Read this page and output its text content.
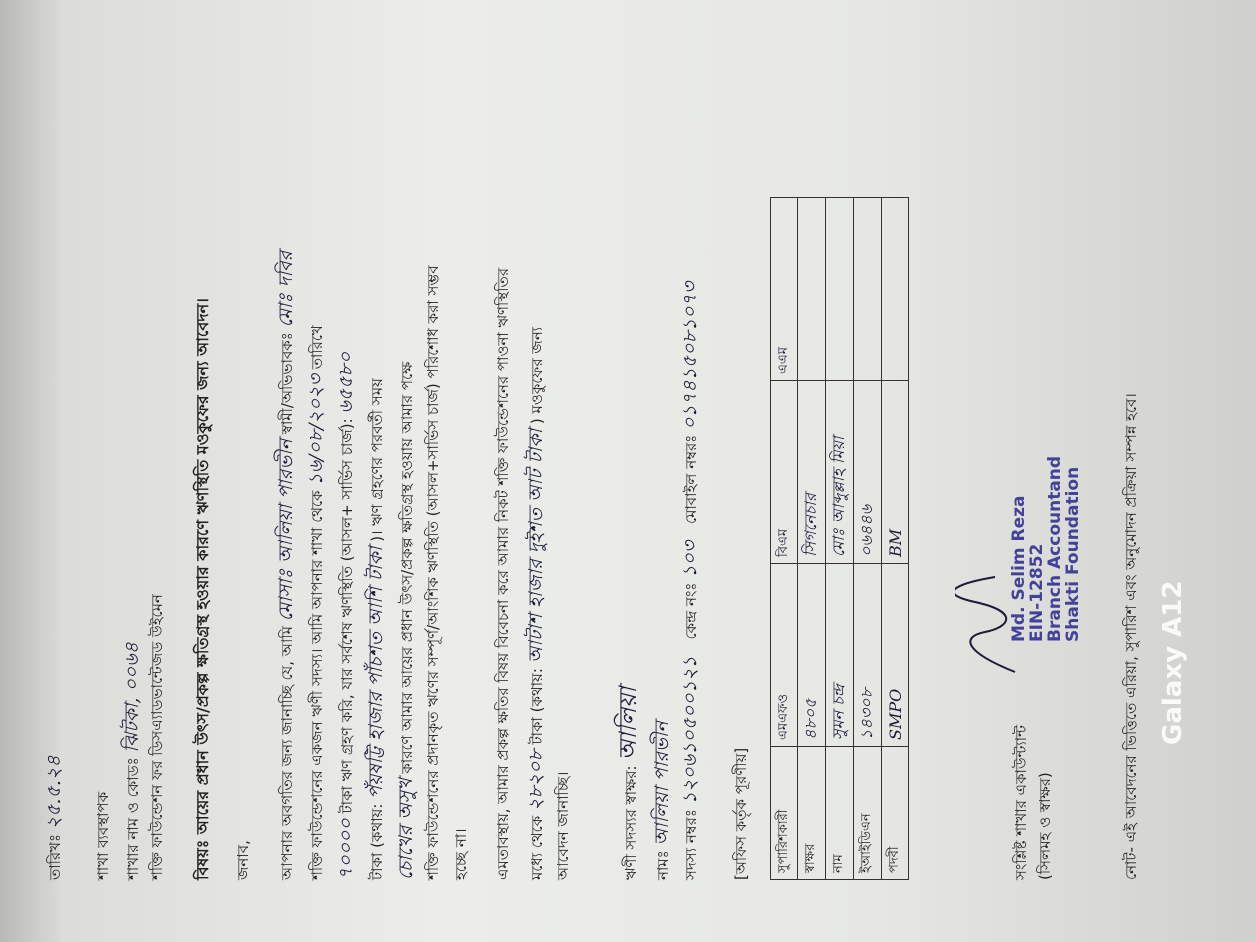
তারিখঃ ২৫.৫.২৪	শাখা ব্যবস্থাপক শাখার নাম ও কোডঃ ঝিটকা, ০০৬৪ শক্তি ফাউন্ডেশন ফর ডিসএ্যাডভান্টেজড উইমেন	বিষয়ঃ আয়ের প্রধান উৎস/প্রকল্প ক্ষতিগ্রস্থ হওয়ার কারণে ঋণস্থিতি মওকুফের জন্য আবেদন।
জনাব,	আপনার অবগতির জন্য জানাচ্ছি যে, আমি মোসাঃ আলিয়া পারভীন স্বামী/অভিভাবকঃ মোঃ দবির
শক্তি ফাউন্ডেশনের একজন ঋণী সদস্য। আমি আপনার শাখা থেকে ১৬/০৮/২০২৩ তারিখে
৭০০০০ টাকা ঋণ গ্রহণ করি, যার সর্বশেষ ঋণস্থিতি (আসল+ সার্ভিস চার্জ): ৬৫৫৮০
টাকা (কথায়: পঁয়ষট্টি হাজার পাঁচশত আশি টাকা )। ঋণ গ্রহণের পরবর্তী সময়
চোখের অসুখ কারণে আমার আয়ের প্রধান উৎস/প্রকল্প ক্ষতিগ্রস্থ হওয়ায় আমার পক্ষে শক্তি ফাউন্ডেশনের প্রদানকৃত ঋণের সম্পূর্ণ/আংশিক ঋণস্থিতি (আসল+সার্ভিস চার্জ) পরিশোধ করা সম্ভব হচ্ছে না।	এমতাবস্থায়, আমার প্রকল্প ক্ষতির বিষয় বিবেচনা করে আমার নিকট শক্তি ফাউন্ডেশনের পাওনা ঋণস্থিতির	মধ্যে থেকে ২৮২০৮ টাকা (কথায়: আটাশ হাজার দুইশত আট টাকা ) মওকুফের জন্য
আবেদন জানাচ্ছি।	ঋণী সদস্যর স্বাক্ষর: আলিয়া
নামঃ আলিয়া পারভীন সদস্য নম্বরঃ ১২০৬১০৫০০১২১ কেন্দ্র নংঃ ১০৩ মোবাইল নম্বরঃ ০১৭৪১৫০৮১০৭৩
[অফিস কর্তৃক পূরণীয়]	সুপারিশকারী	এমএফও	বিএম	এএম
স্বাক্ষর	৪৮০৫	সিগনেচার	
নাম	সুমন চন্দ্র	মোঃ আব্দুল্লাহ মিয়া	
ইআইডিএন	১৪৩০৮	০৬৪৪৬	
পদবী	SMPO	BM	
সংশ্লিষ্ট শাখার একাউন্ট্যান্ট (সিলমহ ও স্বাক্ষর)
Md. Selim Reza
EIN-12852
Branch Accountand
Shakti Foundation	নোট- এই আবেদনের ভিত্তিতে এরিয়া, সুপারিশ এবং অনুমোদন প্রক্রিয়া সম্পন্ন হবে। Galaxy A12
